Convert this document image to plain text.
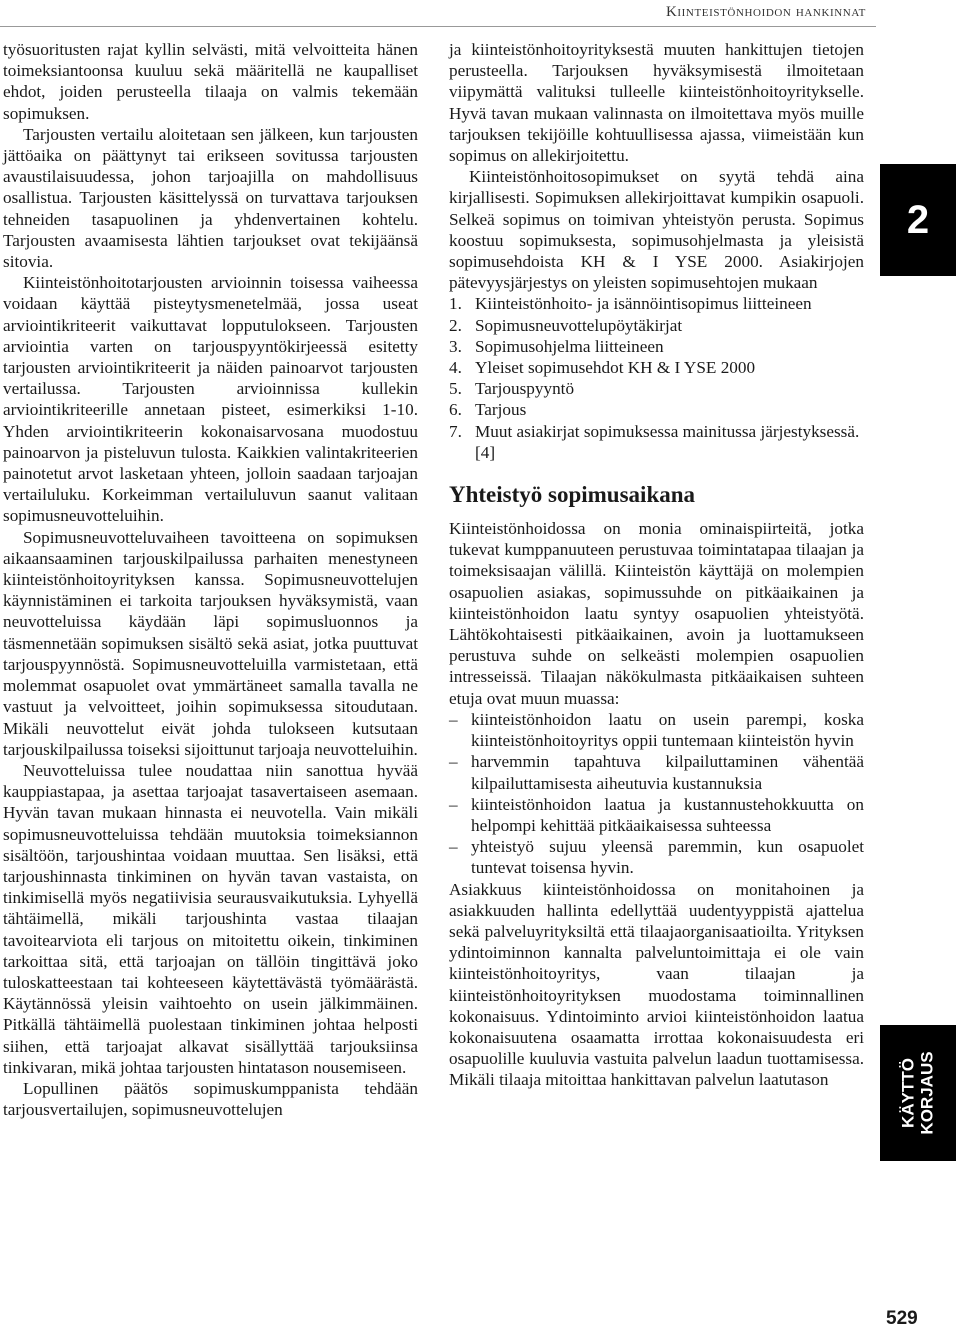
Kiinteistönhoidon hankinnat

työsuoritusten rajat kyllin selvästi, mitä velvoitteita hänen toimeksiantoonsa kuuluu sekä määritellä ne kaupalliset ehdot, joiden perusteella tilaaja on valmis tekemään sopimuksen.

Tarjousten vertailu aloitetaan sen jälkeen, kun tarjousten jättöaika on päättynyt tai erikseen sovitussa tarjousten avaustilaisuudessa, johon tarjoajilla on mahdollisuus osallistua. Tarjousten käsittelyssä on turvattava tarjouksen tehneiden tasapuolinen ja yhdenvertainen kohtelu. Tarjousten avaamisesta lähtien tarjoukset ovat tekijäänsä sitovia.

Kiinteistönhoitotarjousten arvioinnin toisessa vaiheessa voidaan käyttää pisteytysmenetelmää, jossa useat arviointikriteerit vaikuttavat lopputulokseen. Tarjousten arviointia varten on tarjouspyyntökirjeessä esitetty tarjousten arviointikriteerit ja näiden painoarvot tarjousten vertailussa. Tarjousten arvioinnissa kullekin arviointikriteerille annetaan pisteet, esimerkiksi 1-10. Yhden arviointikriteerin kokonaisarvosana muodostuu painoarvon ja pisteluvun tulosta. Kaikkien valintakriteerien painotetut arvot lasketaan yhteen, jolloin saadaan tarjoajan vertailuluku. Korkeimman vertailuluvun saanut valitaan sopimusneuvotteluihin.

Sopimusneuvotteluvaiheen tavoitteena on sopimuksen aikaansaaminen tarjouskilpailussa parhaiten menestyneen kiinteistönhoitoyrityksen kanssa. Sopimusneuvottelujen käynnistäminen ei tarkoita tarjouksen hyväksymistä, vaan neuvotteluissa käydään läpi sopimusluonnos ja täsmennetään sopimuksen sisältö sekä asiat, jotka puuttuvat tarjouspyynnöstä. Sopimusneuvotteluilla varmistetaan, että molemmat osapuolet ovat ymmärtäneet samalla tavalla ne vastuut ja velvoitteet, joihin sopimuksessa sitoudutaan. Mikäli neuvottelut eivät johda tulokseen kutsutaan tarjouskilpailussa toiseksi sijoittunut tarjoaja neuvotteluihin.

Neuvotteluissa tulee noudattaa niin sanottua hyvää kauppiastapaa, ja asettaa tarjoajat tasavertaiseen asemaan. Hyvän tavan mukaan hinnasta ei neuvotella. Vain mikäli sopimusneuvotteluissa tehdään muutoksia toimeksiannon sisältöön, tarjoushintaa voidaan muuttaa. Sen lisäksi, että tarjoushinnasta tinkiminen on hyvän tavan vastaista, on tinkimisellä myös negatiivisia seurausvaikutuksia. Lyhyellä tähtäimellä, mikäli tarjoushinta vastaa tilaajan tavoitearviota eli tarjous on mitoitettu oikein, tinkiminen tarkoittaa sitä, että tarjoajan on tällöin tingittävä joko tuloskatteestaan tai kohteeseen käytettävästä työmäärästä. Käytännössä yleisin vaihtoehto on usein jälkimmäinen. Pitkällä tähtäimellä puolestaan tinkiminen johtaa helposti siihen, että tarjoajat alkavat sisällyttää tarjouksiinsa tinkivaran, mikä johtaa tarjousten hintatason nousemiseen.

Lopullinen päätös sopimuskumppanista tehdään tarjousvertailujen, sopimusneuvottelujen

ja kiinteistönhoitoyrityksestä muuten hankittujen tietojen perusteella. Tarjouksen hyväksymisestä ilmoitetaan viipymättä valituksi tulleelle kiinteistönhoitoyritykselle. Hyvä tavan mukaan valinnasta on ilmoitettava myös muille tarjouksen tekijöille kohtuullisessa ajassa, viimeistään kun sopimus on allekirjoitettu.

Kiinteistönhoitosopimukset on syytä tehdä aina kirjallisesti. Sopimuksen allekirjoittavat kumpikin osapuoli. Selkeä sopimus on toimivan yhteistyön perusta. Sopimus koostuu sopimuksesta, sopimusohjelmasta ja yleisistä sopimusehdoista KH & I YSE 2000. Asiakirjojen pätevyysjärjestys on yleisten sopimusehtojen mukaan

1. Kiinteistönhoito- ja isännöintisopimus liitteineen
2. Sopimusneuvottelupöytäkirjat
3. Sopimusohjelma liitteineen
4. Yleiset sopimusehdot KH & I YSE 2000
5. Tarjouspyyntö
6. Tarjous
7. Muut asiakirjat sopimuksessa mainitussa järjestyksessä.[4]
Yhteistyö sopimusaikana

Kiinteistönhoidossa on monia ominaispiirteitä, jotka tukevat kumppanuuteen perustuvaa toimintatapaa tilaajan ja toimeksisaajan välillä. Kiinteistön käyttäjä on molempien osapuolien asiakas, sopimussuhde on pitkäaikainen ja kiinteistönhoidon laatu syntyy osapuolien yhteistyötä. Lähtökohtaisesti pitkäaikainen, avoin ja luottamukseen perustuva suhde on selkeästi molempien osapuolien intresseissä. Tilaajan näkökulmasta pitkäaikaisen suhteen etuja ovat muun muassa:

– kiinteistönhoidon laatu on usein parempi, koska kiinteistönhoitoyritys oppii tuntemaan kiinteistön hyvin
– harvemmin tapahtuva kilpailuttaminen vähentää kilpailuttamisesta aiheutuvia kustannuksia
– kiinteistönhoidon laatua ja kustannustehokkuutta on helpompi kehittää pitkäaikaisessa suhteessa
– yhteistyö sujuu yleensä paremmin, kun osapuolet tuntevat toisensa hyvin.

Asiakkuus kiinteistönhoidossa on monitahoinen ja asiakkuuden hallinta edellyttää uudentyyppistä ajattelua sekä palveluyrityksiltä että tilaajaorganisaatioilta. Yrityksen ydintoiminnon kannalta palveluntoimittaja ei ole vain kiinteistönhoitoyritys, vaan tilaajan ja kiinteistönhoitoyrityksen muodostama toiminnallinen kokonaisuus. Ydintoiminto arvioi kiinteistönhoidon laatua kokonaisuutena osaamatta irrottaa kokonaisuudesta eri osapuolille kuuluvia vastuita palvelun laadun tuottamisessa. Mikäli tilaaja mitoittaa hankittavan palvelun laatutason

2
KÄYTTÖ KORJAUS
529
